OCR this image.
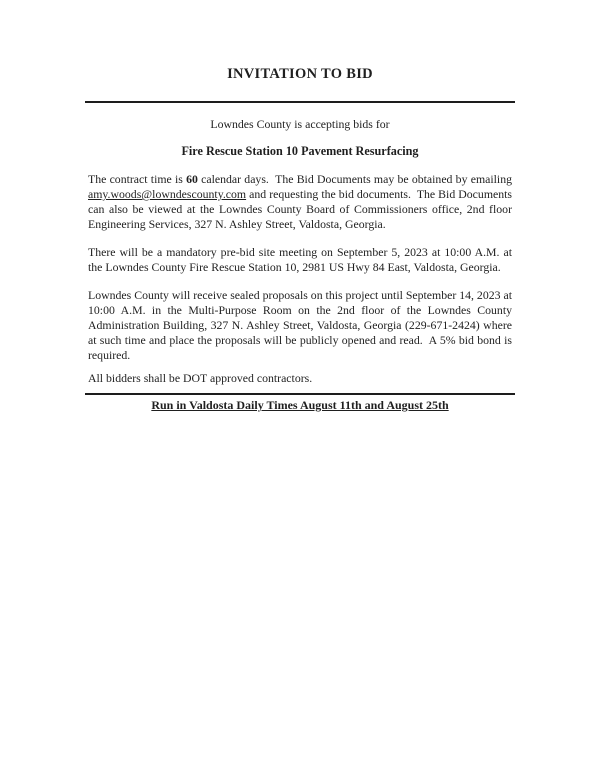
INVITATION TO BID
Lowndes County is accepting bids for
Fire Rescue Station 10 Pavement Resurfacing

The contract time is 60 calendar days.  The Bid Documents may be obtained by emailing amy.woods@lowndescounty.com and requesting the bid documents.  The Bid Documents can also be viewed at the Lowndes County Board of Commissioners office, 2nd floor Engineering Services, 327 N. Ashley Street, Valdosta, Georgia.

There will be a mandatory pre-bid site meeting on September 5, 2023 at 10:00 A.M. at the Lowndes County Fire Rescue Station 10, 2981 US Hwy 84 East, Valdosta, Georgia.

Lowndes County will receive sealed proposals on this project until September 14, 2023 at 10:00 A.M. in the Multi-Purpose Room on the 2nd floor of the Lowndes County Administration Building, 327 N. Ashley Street, Valdosta, Georgia (229-671-2424) where at such time and place the proposals will be publicly opened and read.  A 5% bid bond is required.

All bidders shall be DOT approved contractors.

Run in Valdosta Daily Times August 11th and August 25th
